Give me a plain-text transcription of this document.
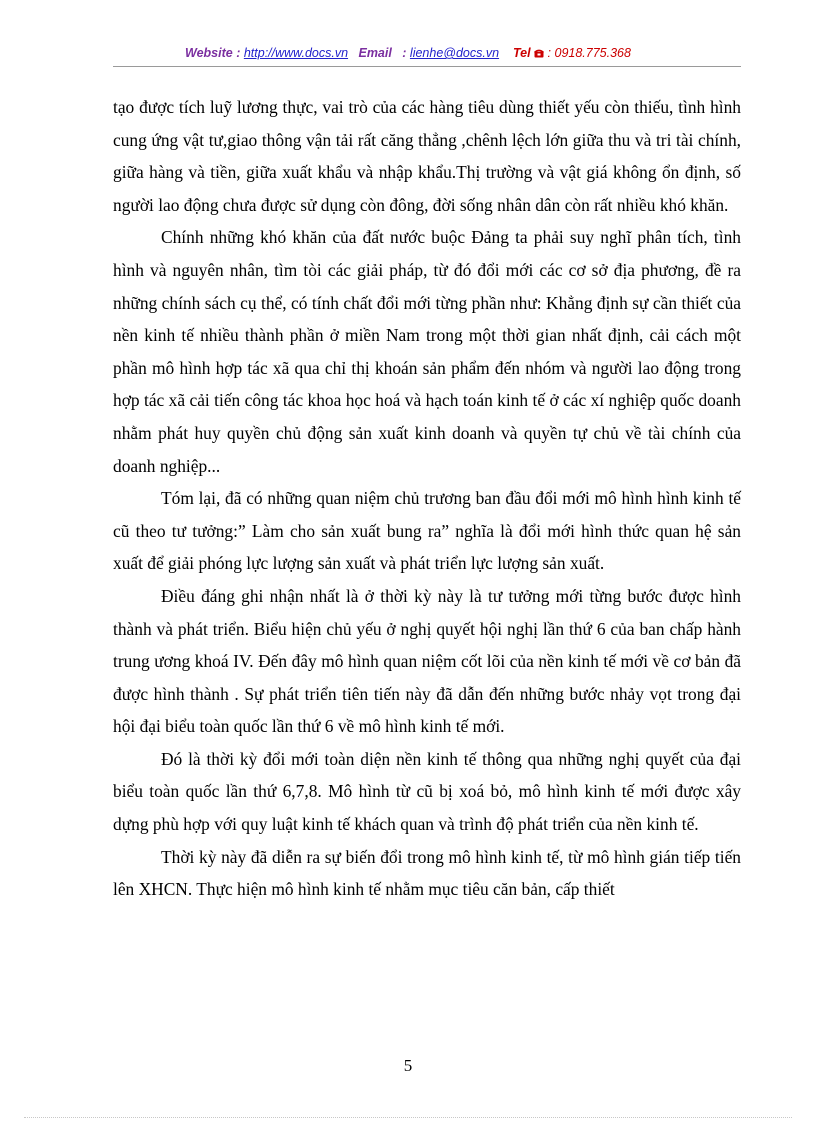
Website : http://www.docs.vn Email : lienhe@docs.vn Tel : 0918.775.368

tạo được tích luỹ lương thực, vai trò của các hàng tiêu dùng thiết yếu còn thiếu, tình hình cung ứng vật tư,giao thông vận tải rất căng thẳng ,chênh lệch lớn giữa thu và tri tài chính, giữa hàng và tiền, giữa xuất khẩu và nhập khẩu.Thị trường và vật giá không ổn định, số người lao động chưa được sử dụng còn đông, đời sống nhân dân còn rất nhiều khó khăn.

Chính những khó khăn của đất nước buộc Đảng ta phải suy nghĩ phân tích, tình hình và nguyên nhân, tìm tòi các giải pháp, từ đó đổi mới các cơ sở địa phương, đề ra những chính sách cụ thể, có tính chất đổi mới từng phần như: Khẳng định sự cần thiết của nền kinh tế nhiều thành phần ở miền Nam trong một thời gian nhất định, cải cách một phần mô hình hợp tác xã qua chỉ thị khoán sản phẩm đến nhóm và người lao động trong hợp tác xã cải tiến công tác khoa học hoá và hạch toán kinh tế ở các xí nghiệp quốc doanh nhằm phát huy quyền chủ động sản xuất kinh doanh và quyền tự chủ về tài chính của doanh nghiệp...

Tóm lại, đã có những quan niệm chủ trương ban đầu đổi mới mô hình hình kinh tế cũ theo tư tưởng:” Làm cho sản xuất bung ra” nghĩa là đổi mới hình thức quan hệ sản xuất để giải phóng lực lượng sản xuất và phát triển lực lượng sản xuất.

Điều đáng ghi nhận nhất là ở thời kỳ này là tư tưởng mới từng bước được hình thành và phát triển. Biểu hiện chủ yếu ở nghị quyết hội nghị lần thứ 6 của ban chấp hành trung ương khoá IV. Đến đây mô hình quan niệm cốt lõi của nền kinh tế mới về cơ bản đã được hình thành . Sự phát triển tiên tiến này đã dẫn đến những bước nhảy vọt trong đại hội đại biểu toàn quốc lần thứ 6 về mô hình kinh tế mới.

Đó là thời kỳ đổi mới toàn diện nền kinh tế thông qua những nghị quyết của đại biểu toàn quốc lần thứ 6,7,8. Mô hình từ cũ bị xoá bỏ, mô hình kinh tế mới được xây dựng phù hợp với quy luật kinh tế khách quan và trình độ phát triển của nền kinh tế.

Thời kỳ này đã diễn ra sự biến đổi trong mô hình kinh tế, từ mô hình gián tiếp tiến lên XHCN. Thực hiện mô hình kinh tế nhằm mục tiêu căn bản, cấp thiết

5
